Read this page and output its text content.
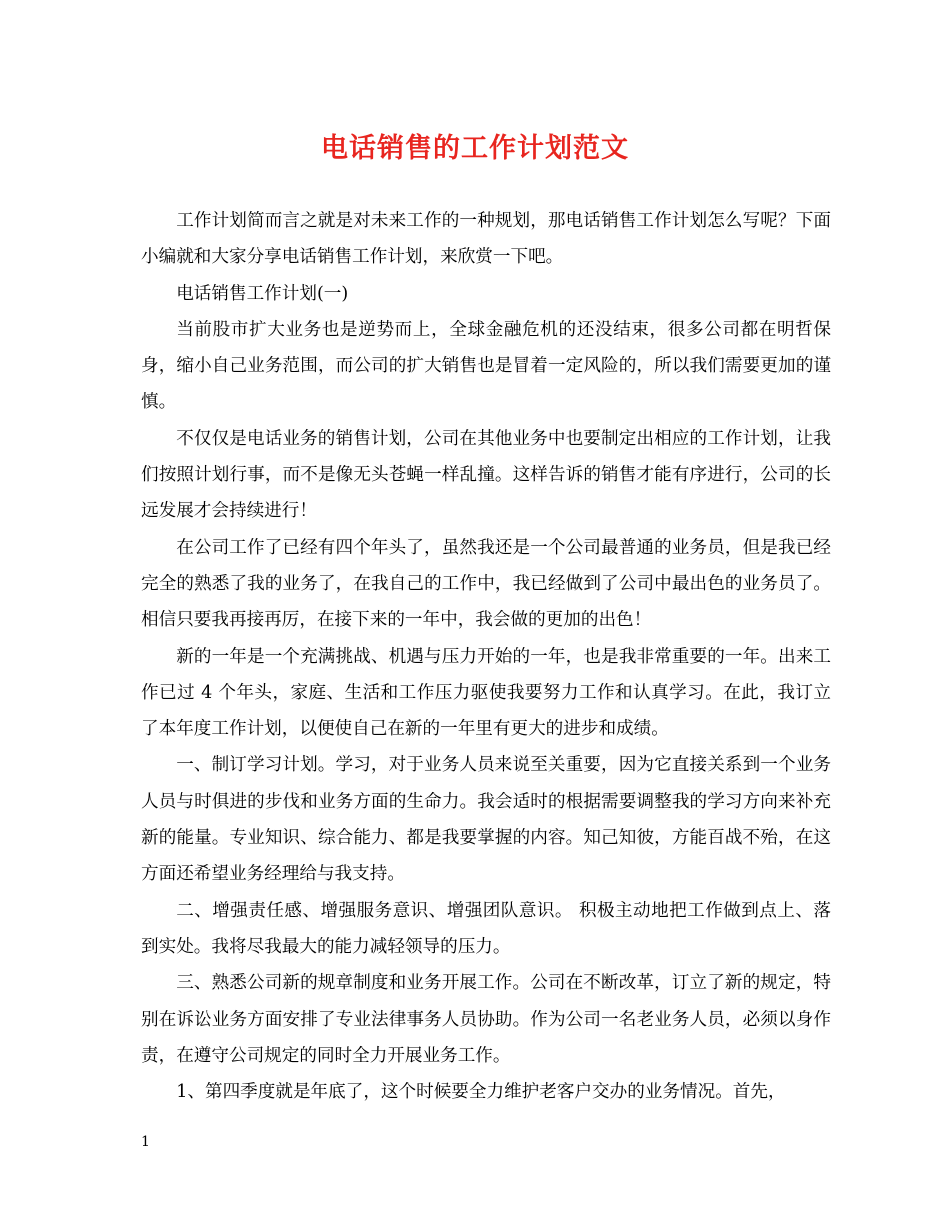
电话销售的工作计划范文

工作计划简而言之就是对未来工作的一种规划，那电话销售工作计划怎么写呢？下面小编就和大家分享电话销售工作计划，来欣赏一下吧。

电话销售工作计划(一)

当前股市扩大业务也是逆势而上，全球金融危机的还没结束，很多公司都在明哲保身，缩小自己业务范围，而公司的扩大销售也是冒着一定风险的，所以我们需要更加的谨慎。

不仅仅是电话业务的销售计划，公司在其他业务中也要制定出相应的工作计划，让我们按照计划行事，而不是像无头苍蝇一样乱撞。这样告诉的销售才能有序进行，公司的长远发展才会持续进行！

在公司工作了已经有四个年头了，虽然我还是一个公司最普通的业务员，但是我已经完全的熟悉了我的业务了，在我自己的工作中，我已经做到了公司中最出色的业务员了。相信只要我再接再厉，在接下来的一年中，我会做的更加的出色！

新的一年是一个充满挑战、机遇与压力开始的一年，也是我非常重要的一年。出来工作已过 4 个年头，家庭、生活和工作压力驱使我要努力工作和认真学习。在此，我订立了本年度工作计划，以便使自己在新的一年里有更大的进步和成绩。

一、制订学习计划。学习，对于业务人员来说至关重要，因为它直接关系到一个业务人员与时俱进的步伐和业务方面的生命力。我会适时的根据需要调整我的学习方向来补充新的能量。专业知识、综合能力、都是我要掌握的内容。知己知彼，方能百战不殆，在这方面还希望业务经理给与我支持。

二、增强责任感、增强服务意识、增强团队意识。 积极主动地把工作做到点上、落到实处。我将尽我最大的能力减轻领导的压力。

三、熟悉公司新的规章制度和业务开展工作。公司在不断改革，订立了新的规定，特别在诉讼业务方面安排了专业法律事务人员协助。作为公司一名老业务人员，必须以身作责，在遵守公司规定的同时全力开展业务工作。

1、第四季度就是年底了，这个时候要全力维护老客户交办的业务情况。首先，

1
